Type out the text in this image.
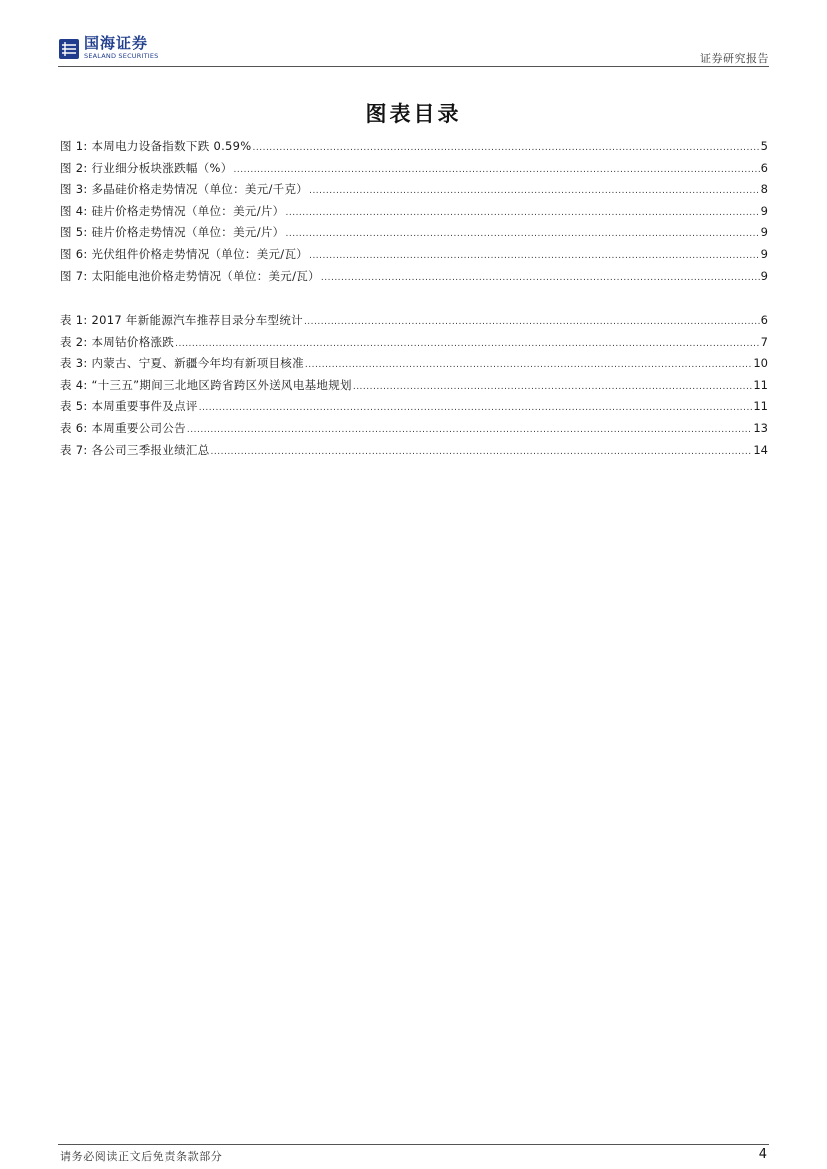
国海证券
SEALAND SECURITIES	证券研究报告
图表目录
图 1: 本周电力设备指数下跌 0.59% .....	5
图 2: 行业细分板块涨跌幅（%） .....	6
图 3: 多晶硅价格走势情况（单位：美元/千克） .....	8
图 4: 硅片价格走势情况（单位：美元/片） .....	9
图 5: 硅片价格走势情况（单位：美元/片） .....	9
图 6: 光伏组件价格走势情况（单位：美元/瓦） .....	9
图 7: 太阳能电池价格走势情况（单位：美元/瓦） .....	9
表 1: 2017 年新能源汽车推荐目录分车型统计 .....	6
表 2: 本周钴价格涨跌 .....	7
表 3: 内蒙古、宁夏、新疆今年均有新项目核准 .....	10
表 4: “十三五”期间三北地区跨省跨区外送风电基地规划 .....	11
表 5: 本周重要事件及点评 .....	11
表 6: 本周重要公司公告 .....	13
表 7: 各公司三季报业绩汇总 .....	14
请务必阅读正文后免责条款部分	4
